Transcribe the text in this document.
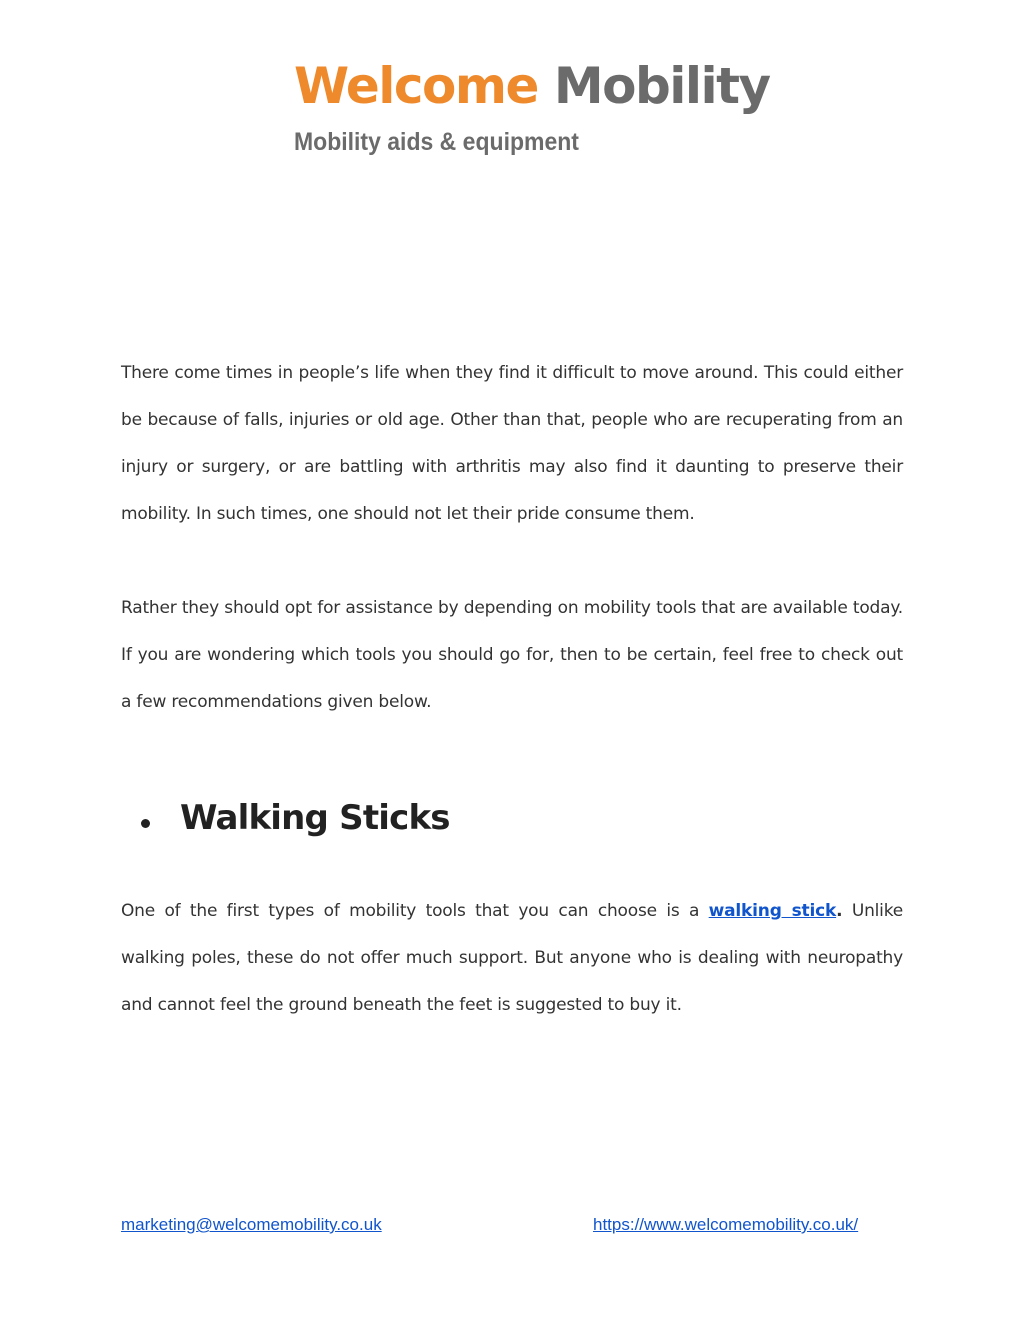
Welcome Mobility
Mobility aids & equipment

There come times in people’s life when they find it difficult to move around. This could either be because of falls, injuries or old age. Other than that, people who are recuperating from an injury or surgery, or are battling with arthritis may also find it daunting to preserve their mobility. In such times, one should not let their pride consume them.

Rather they should opt for assistance by depending on mobility tools that are available today. If you are wondering which tools you should go for, then to be certain, feel free to check out a few recommendations given below.

Walking Sticks

One of the first types of mobility tools that you can choose is a walking stick. Unlike walking poles, these do not offer much support. But anyone who is dealing with neuropathy and cannot feel the ground beneath the feet is suggested to buy it.

marketing@welcomemobility.co.uk	https://www.welcomemobility.co.uk/
